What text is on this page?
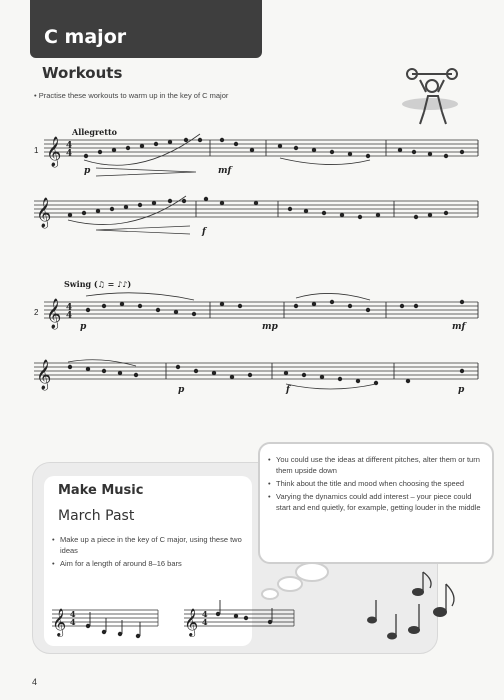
C major
Workouts
• Practise these workouts to warm up in the key of C major
Allegretto
1 𝄞
𝄞
𝄞
𝄞
4
4
4
4
p	mf
f
Swing (♫ = ♪♪)
2
p	mp	mf
p	f	p
Make Music
March Past
• Make up a piece in the key of C major, using these two ideas
• Aim for a length of around 8–16 bars
• You could use the ideas at different pitches, alter them or turn them upside down
• Think about the title and mood when choosing the speed
• Varying the dynamics could add interest – your piece could start and end quietly, for example, getting louder in the middle
𝄞	𝄞
4
4
4
4
4
